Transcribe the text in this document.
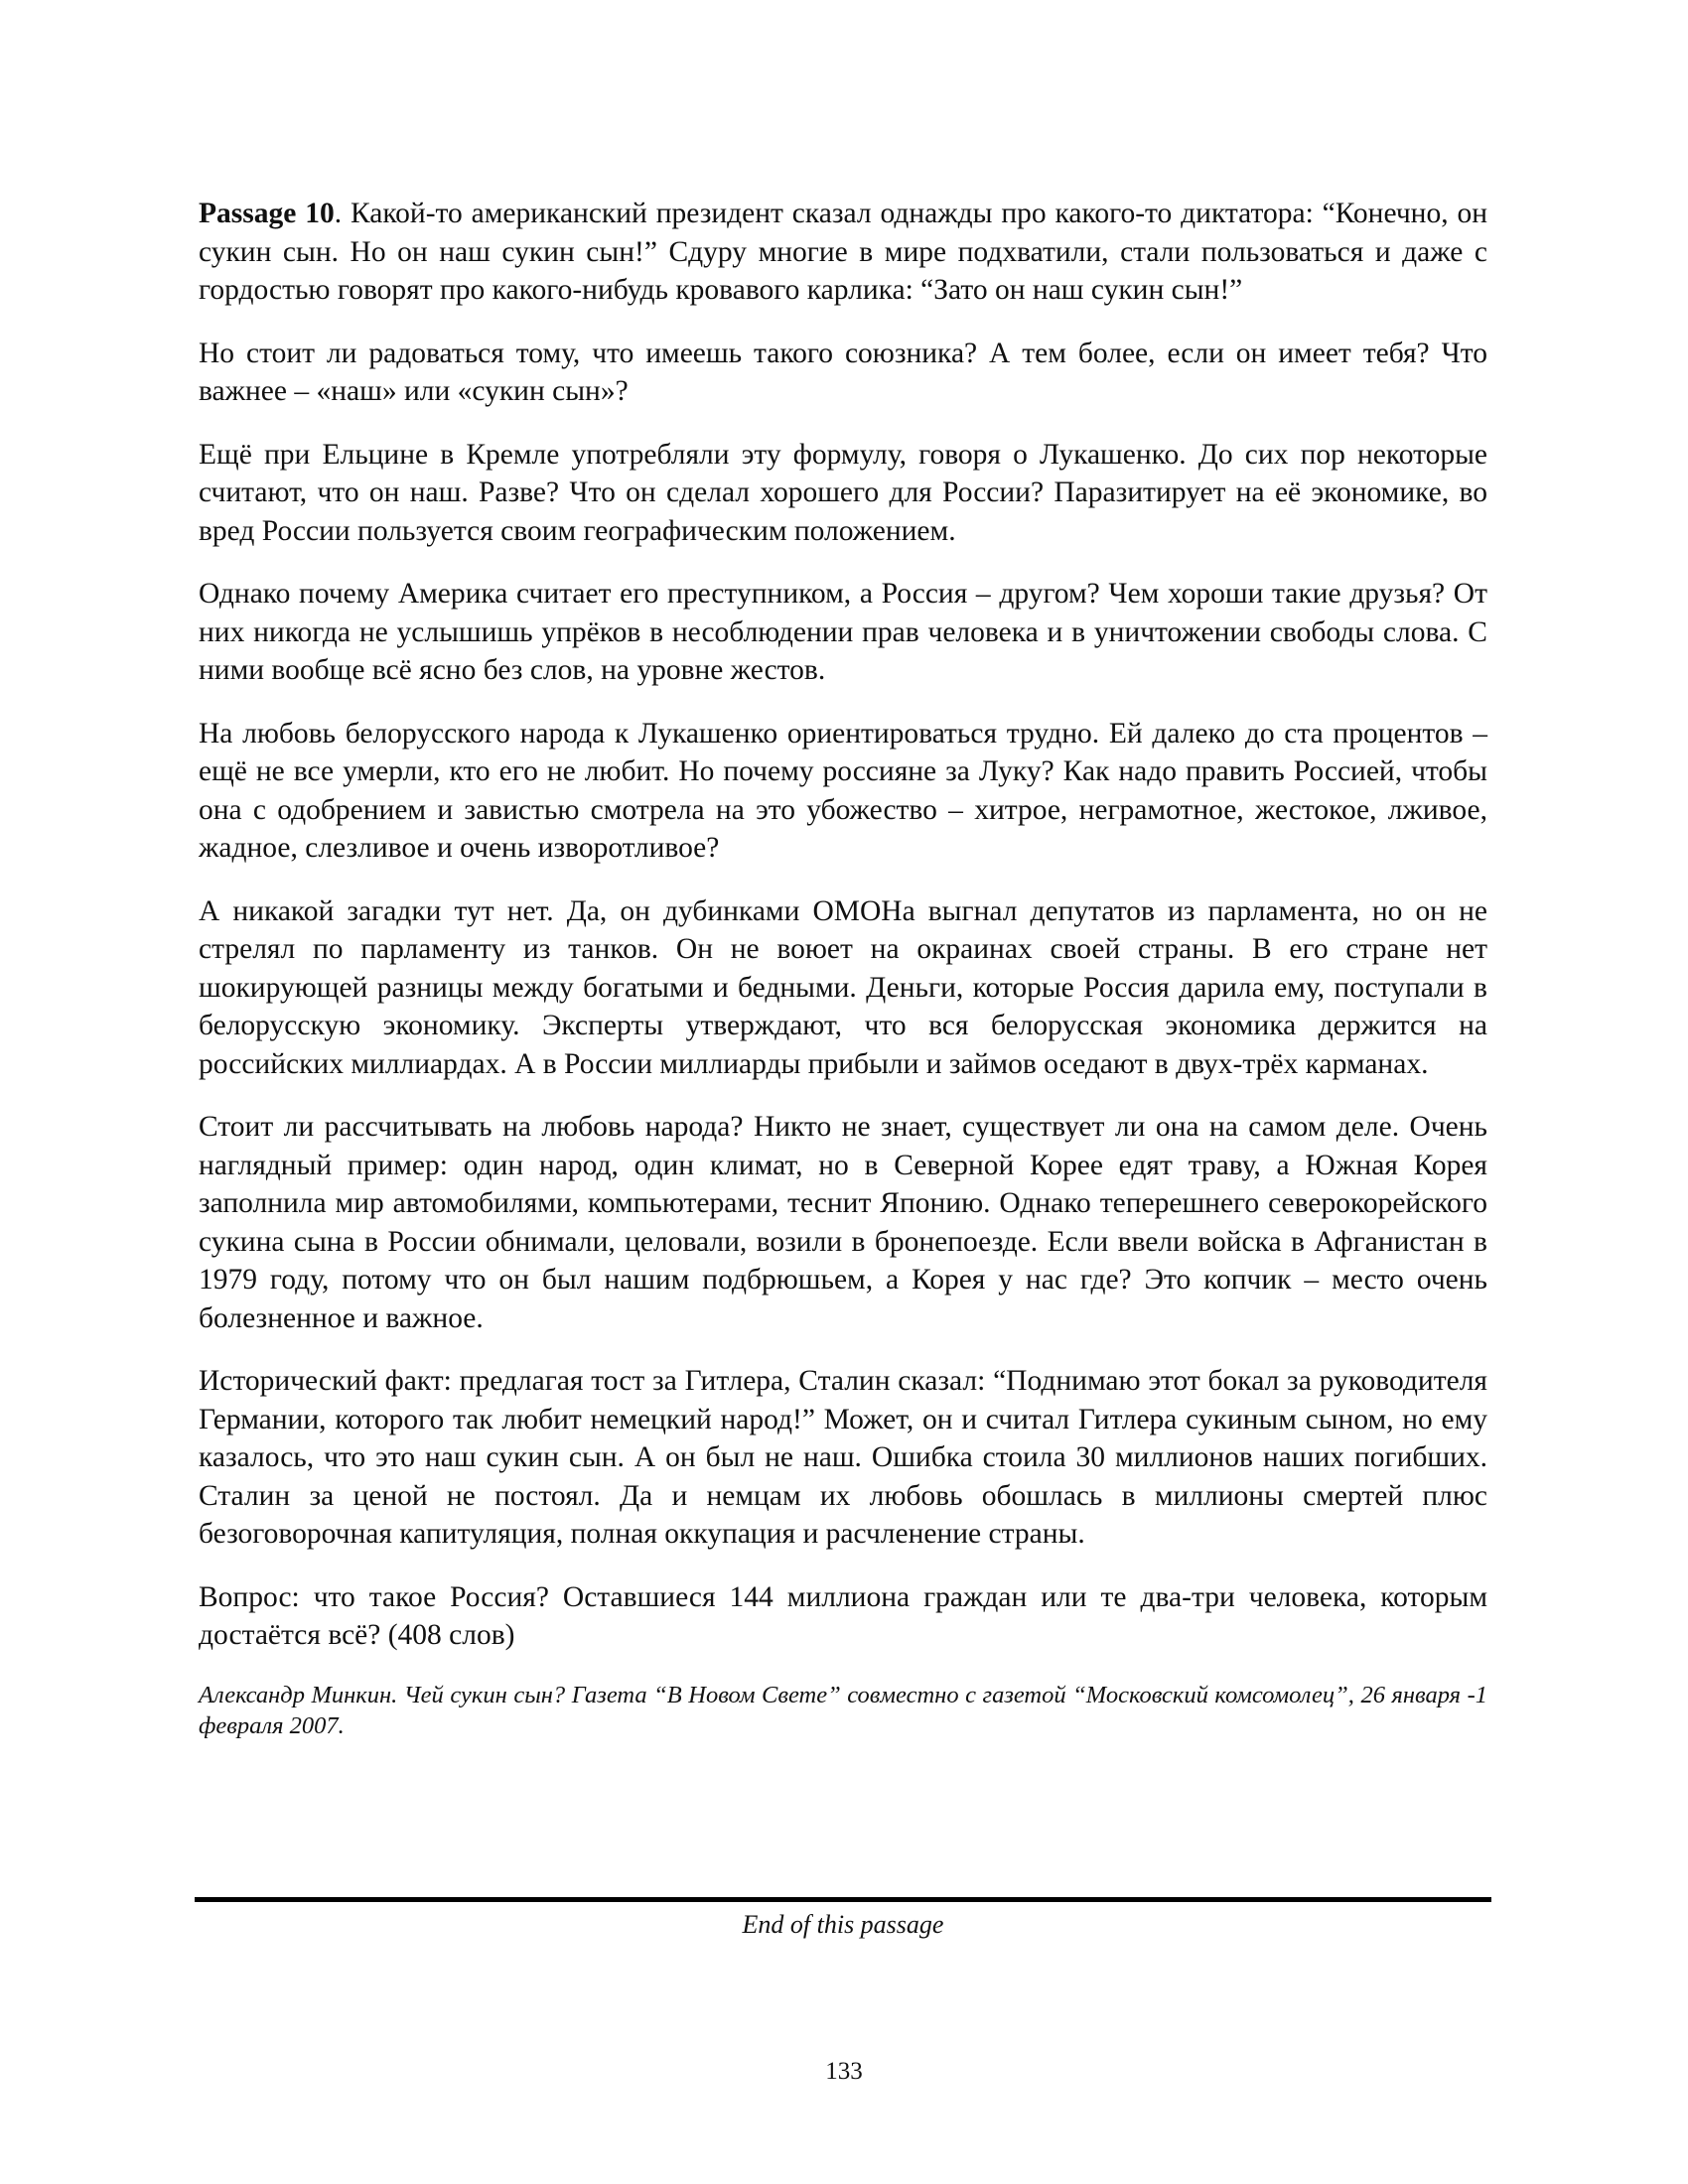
Passage 10. Какой-то американский президент сказал однажды про какого-то диктатора: “Конечно, он сукин сын. Но он наш сукин сын!” Сдуру многие в мире подхватили, стали пользоваться и даже с гордостью говорят про какого-нибудь кровавого карлика: “Зато он наш сукин сын!”

Но стоит ли радоваться тому, что имеешь такого союзника? А тем более, если он имеет тебя? Что важнее – «наш» или «сукин сын»?

Ещё при Ельцине в Кремле употребляли эту формулу, говоря о Лукашенко. До сих пор некоторые считают, что он наш. Разве? Что он сделал хорошего для России? Паразитирует на её экономике, во вред России пользуется своим географическим положением.

Однако почему Америка считает его преступником, а Россия – другом? Чем хороши такие друзья? От них никогда не услышишь упрёков в несоблюдении прав человека и в уничтожении свободы слова. С ними вообще всё ясно без слов, на уровне жестов.

На любовь белорусского народа к Лукашенко ориентироваться трудно. Ей далеко до ста процентов – ещё не все умерли, кто его не любит. Но почему россияне за Луку? Как надо править Россией, чтобы она с одобрением и завистью смотрела на это убожество – хитрое, неграмотное, жестокое, лживое, жадное, слезливое и очень изворотливое?

А никакой загадки тут нет. Да, он дубинками ОМОНа выгнал депутатов из парламента, но он не стрелял по парламенту из танков. Он не воюет на окраинах своей страны. В его стране нет шокирующей разницы между богатыми и бедными. Деньги, которые Россия дарила ему, поступали в белорусскую экономику. Эксперты утверждают, что вся белорусская экономика держится на российских миллиардах. А в России миллиарды прибыли и займов оседают в двух-трёх карманах.

Стоит ли рассчитывать на любовь народа? Никто не знает, существует ли она на самом деле. Очень наглядный пример: один народ, один климат, но в Северной Корее едят траву, а Южная Корея заполнила мир автомобилями, компьютерами, теснит Японию. Однако теперешнего северокорейского сукина сына в России обнимали, целовали, возили в бронепоезде. Если ввели войска в Афганистан в 1979 году, потому что он был нашим подбрюшьем, а Корея у нас где? Это копчик – место очень болезненное и важное.

Исторический факт: предлагая тост за Гитлера, Сталин сказал: “Поднимаю этот бокал за руководителя Германии, которого так любит немецкий народ!” Может, он и считал Гитлера сукиным сыном, но ему казалось, что это наш сукин сын. А он был не наш. Ошибка стоила 30 миллионов наших погибших. Сталин за ценой не постоял. Да и немцам их любовь обошлась в миллионы смертей плюс безоговорочная капитуляция, полная оккупация и расчленение страны.

Вопрос: что такое Россия? Оставшиеся 144 миллиона граждан или те два-три человека, которым достаётся всё? (408 слов)

Александр Минкин. Чей сукин сын? Газета “В Новом Свете” совместно с газетой “Московский комсомолец”, 26 января -1 февраля 2007.

End of this passage
133
